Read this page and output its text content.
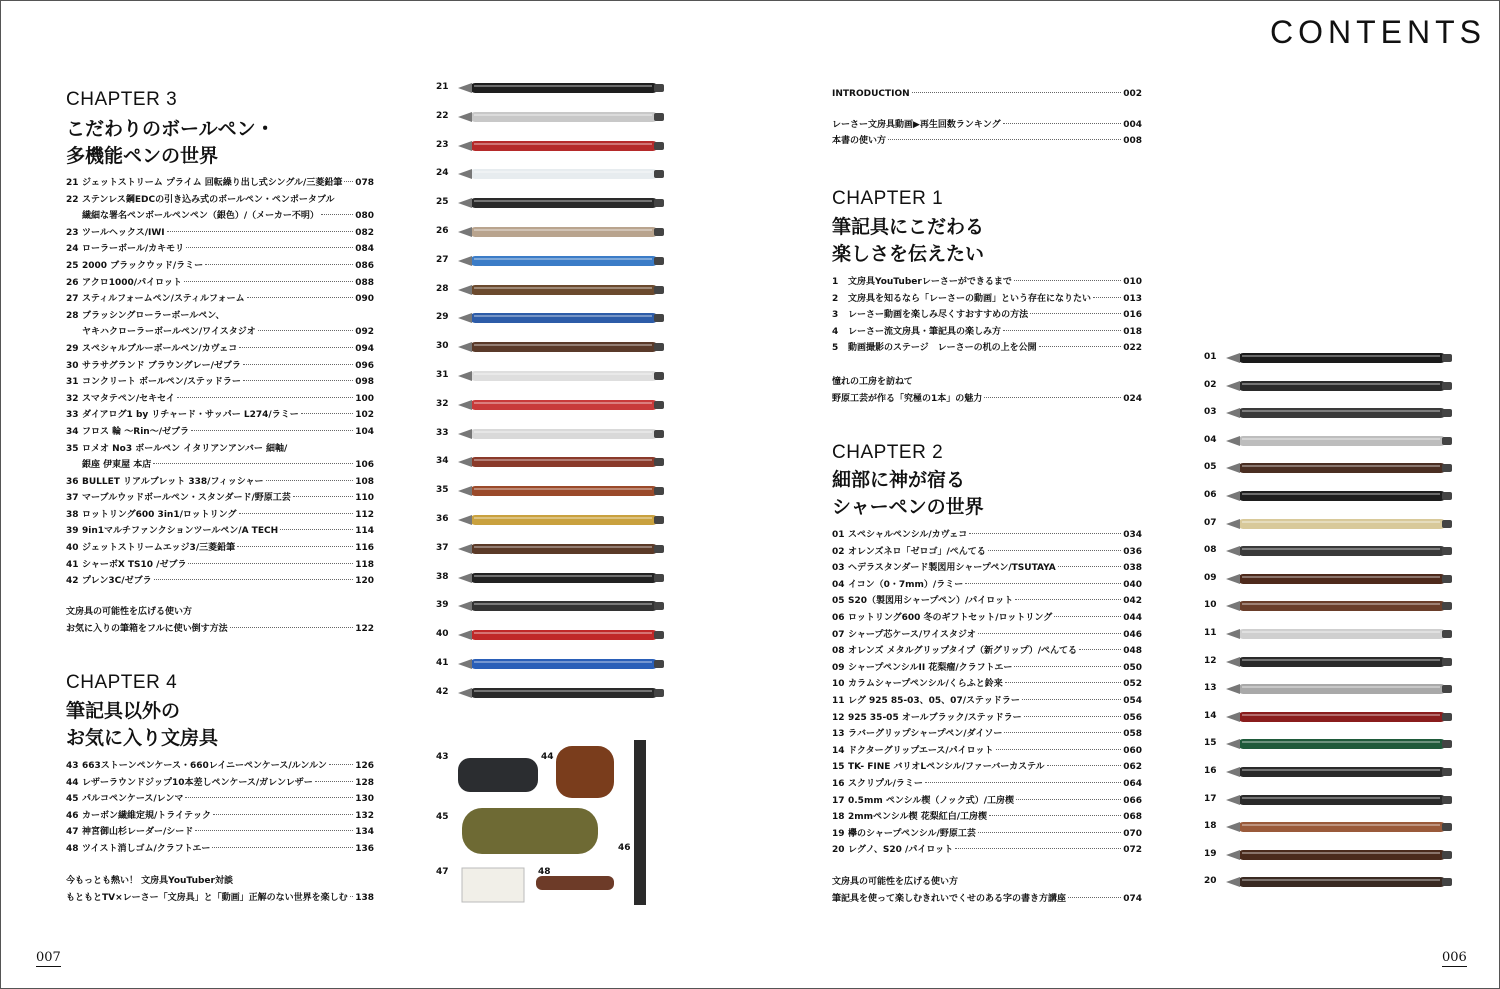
CONTENTS
CHAPTER 3
こだわりのボールペン・
多機能ペンの世界
21 ジェットストリーム プライム 回転繰り出し式シングル/三菱鉛筆 078
22 ステンレス鋼EDCの引き込み式のボールペン・ペンポータブル
繊細な署名ペンボールペンペン（銀色）/（メーカー不明）	080
23 ツールヘックス/IWI	082
24 ローラーボール/カキモリ	084
25 2000 ブラックウッド/ラミー	086
26 アクロ1000/パイロット	088
27 スティルフォームペン/スティルフォーム	090
28 ブラッシングローラーボールペン、
ヤキハクローラーボールペン/ワイスタジオ	092
29 スペシャルブルーボールペン/カヴェコ	094
30 サラサグランド ブラウングレー/ゼブラ	096
31 コンクリート ボールペン/ステッドラー	098
32 スマタテペン/セキセイ	100
33 ダイアログ1 by リチャード・サッパー L274/ラミー	102
34 フロス 輪 〜Rin〜/ゼブラ	104
35 ロメオ No3 ボールペン イタリアンアンバー 細軸/
銀座 伊東屋 本店	106
36 BULLET リアルブレット 338/フィッシャー	108
37 マーブルウッドボールペン・スタンダード/野原工芸	110
38 ロットリング600 3in1/ロットリング	112
39 9in1マルチファンクションツールペン/A TECH	114
40 ジェットストリームエッジ3/三菱鉛筆	116
41 シャーボX TS10 /ゼブラ	118
42 プレン3C/ゼブラ	120
文房具の可能性を広げる使い方
お気に入りの筆箱をフルに使い倒す方法	122
CHAPTER 4
筆記具以外の
お気に入り文房具
43 663ストーンペンケース・660レイニーペンケース/ルンルン	126
44 レザーラウンドジップ10本差しペンケース/ガレンレザー	128
45 パルコペンケース/レンマ	130
46 カーボン繊維定規/トライテック	132
47 神宮御山杉レーダー/シード	134
48 ツイスト消しゴム/クラフトエー	136
今もっとも熱い！ 文房具YouTuber対談
もともとTV×レーさー「文房具」と「動画」正解のない世界を楽しむ 138
21
22
23
24
25
26
27
28
29
30
31
32
33
34
35
36
37
38
39
40
41
42
43	44
45
46
47	48
INTRODUCTION	002
レーさー文房具動画▶再生回数ランキング	004
本書の使い方	008
CHAPTER 1
筆記具にこだわる
楽しさを伝えたい
1	文房具YouTuberレーさーができるまで	010
2	文房具を知るなら「レーさーの動画」という存在になりたい	013
3	レーさー動画を楽しみ尽くすおすすめの方法	016
4	レーさー流文房具・筆記具の楽しみ方	018
5	動画撮影のステージ　レーさーの机の上を公開	022
憧れの工房を訪ねて
野原工芸が作る「究極の1本」の魅力	024
CHAPTER 2
細部に神が宿る
シャーペンの世界
01 スペシャルペンシル/カヴェコ	034
02 オレンズネロ「ゼロゴ」/ぺんてる	036
03 ヘデラスタンダード製図用シャープペン/TSUTAYA	038
04 イコン（0・7mm）/ラミー	040
05 S20（製図用シャープペン）/パイロット	042
06 ロットリング600 冬のギフトセット/ロットリング	044
07 シャープ芯ケース/ワイスタジオ	046
08 オレンズ メタルグリップタイプ（新グリップ）/ぺんてる	048
09 シャープペンシルII 花梨瘤/クラフトエー	050
10 カラムシャープペンシル/くらふと鈴来	052
11 レグ 925 85-03、05、07/ステッドラー	054
12 925 35-05 オールブラック/ステッドラー	056
13 ラバーグリップシャープペン/ダイソー	058
14 ドクターグリップエース/パイロット	060
15 TK- FINE バリオLペンシル/ファーバーカステル	062
16 スクリプル/ラミー	064
17 0.5mm ペンシル楔（ノック式）/工房楔	066
18 2mmペンシル楔 花梨紅白/工房楔	068
19 欅のシャープペンシル/野原工芸	070
20 レグノ、S20 /パイロット	072
文房具の可能性を広げる使い方
筆記具を使って楽しむきれいでくせのある字の書き方講座	074
01
02
03
04
05
06
07
08
09
10
11
12
13
14
15
16
17
18
19
20
007	006
